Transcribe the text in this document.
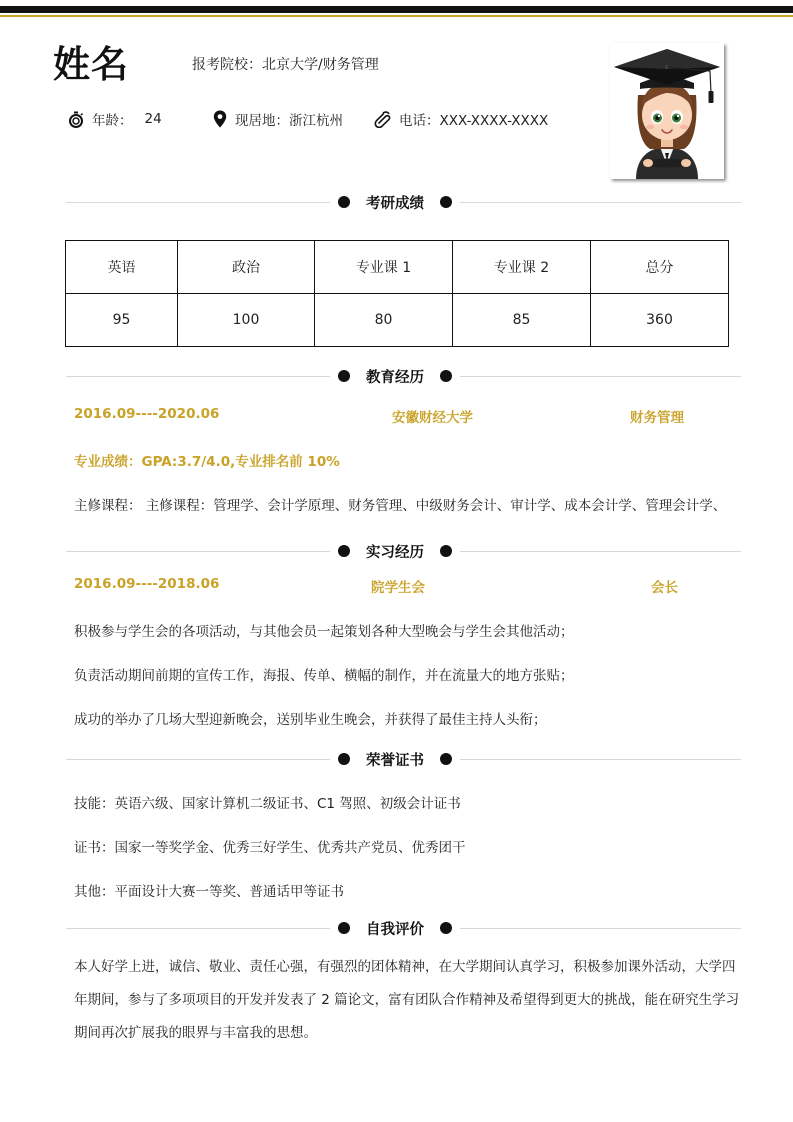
姓名	报考院校：北京大学/财务管理
年龄： 24	现居地：浙江杭州	电话：XXX-XXXX-XXXX
考研成绩
英语	政治	专业课 1	专业课 2	总分
95	100	80	85	360
教育经历
2016.09----2020.06	安徽财经大学	财务管理
专业成绩：GPA:3.7/4.0,专业排名前 10%
主修课程： 主修课程：管理学、会计学原理、财务管理、中级财务会计、审计学、成本会计学、管理会计学、
实习经历
2016.09----2018.06	院学生会	会长
积极参与学生会的各项活动，与其他会员一起策划各种大型晚会与学生会其他活动；
负责活动期间前期的宣传工作，海报、传单、横幅的制作，并在流量大的地方张贴；
成功的举办了几场大型迎新晚会，送别毕业生晚会，并获得了最佳主持人头衔；
荣誉证书
技能：英语六级、国家计算机二级证书、C1 驾照、初级会计证书
证书：国家一等奖学金、优秀三好学生、优秀共产党员、优秀团干
其他：平面设计大赛一等奖、普通话甲等证书
自我评价
本人好学上进，诚信、敬业、责任心强，有强烈的团体精神，在大学期间认真学习，积极参加课外活动，大学四年期间，参与了多项项目的开发并发表了 2 篇论文，富有团队合作精神及希望得到更大的挑战，能在研究生学习期间再次扩展我的眼界与丰富我的思想。
